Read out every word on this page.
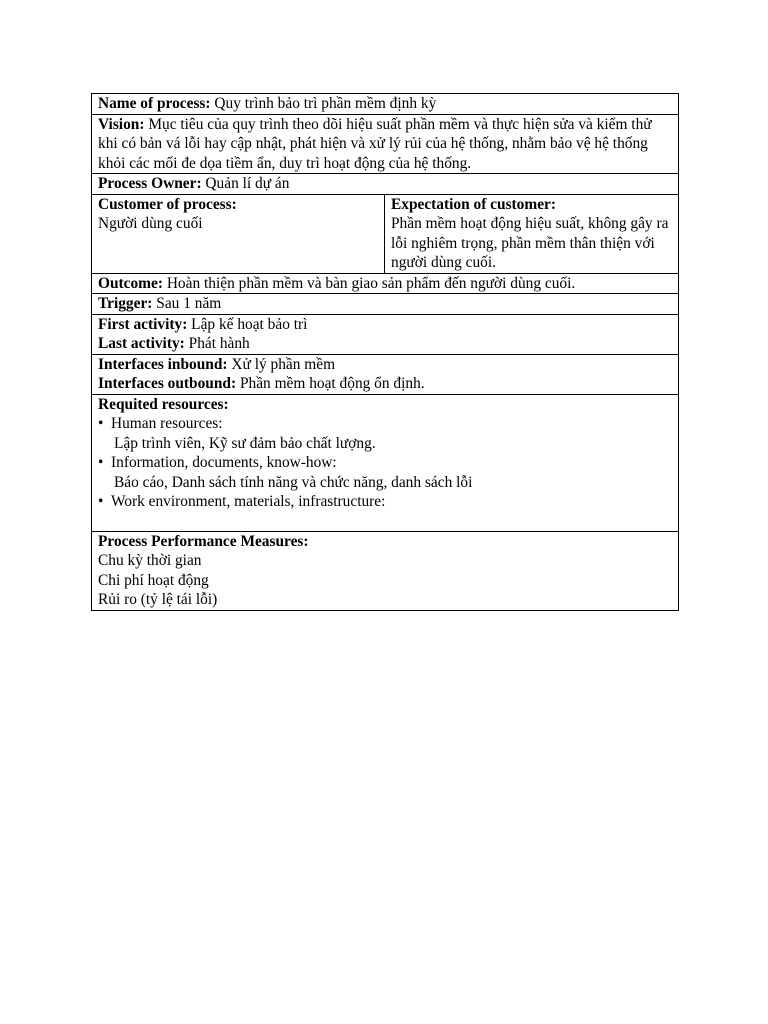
Name of process: Quy trình bảo trì phần mềm định kỳ
Vision: Mục tiêu của quy trình theo dõi hiệu suất phần mềm và thực hiện sửa và kiểm thử khi có bản vá lỗi hay cập nhật, phát hiện và xử lý rủi của hệ thống, nhằm bảo vệ hệ thống khỏi các mối đe dọa tiềm ẩn, duy trì hoạt động của hệ thống.
Process Owner: Quản lí dự án

Customer of process:
Người dùng cuối

Expectation of customer:
Phần mềm hoạt động hiệu suất, không gây ra lỗi nghiêm trọng, phần mềm thân thiện với người dùng cuối.

Outcome: Hoàn thiện phần mềm và bàn giao sản phẩm đến người dùng cuối.
Trigger: Sau 1 năm

First activity: Lập kế hoạt bảo trì
Last activity: Phát hành

Interfaces inbound: Xử lý phần mềm
Interfaces outbound: Phần mềm hoạt động ổn định.

Requited resources:
• Human resources:
Lập trình viên, Kỹ sư đảm bảo chất lượng.
• Information, documents, know-how:
Báo cáo, Danh sách tính năng và chức năng, danh sách lỗi
• Work environment, materials, infrastructure:

Process Performance Measures:
Chu kỳ thời gian
Chi phí hoạt động
Rủi ro (tỷ lệ tái lỗi)
